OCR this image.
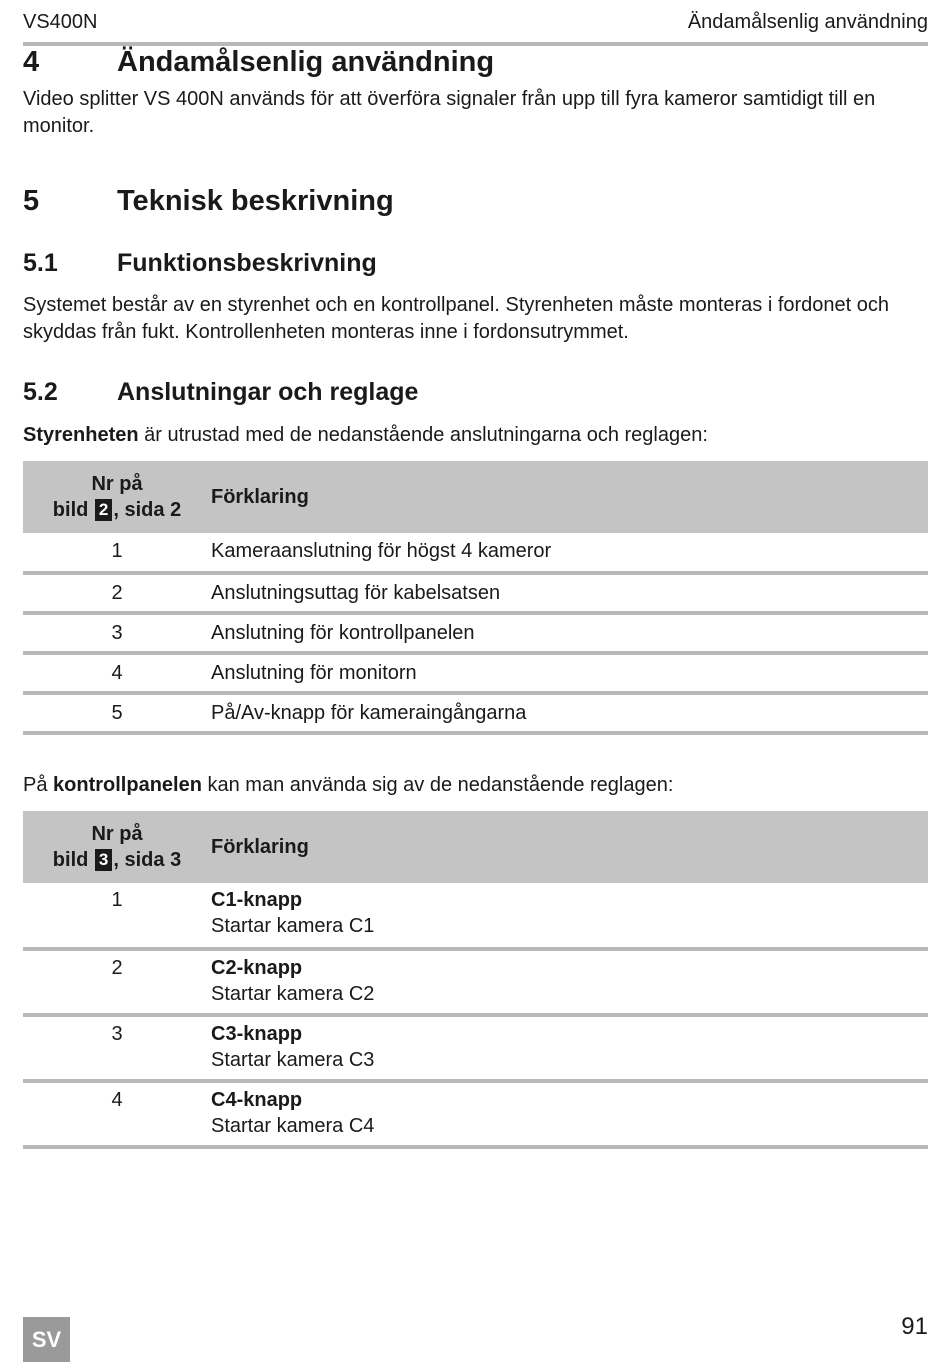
VS400N	Ändamålsenlig användning
4	Ändamålsenlig användning
Video splitter VS 400N används för att överföra signaler från upp till fyra kameror samtidigt till en monitor.
5	Teknisk beskrivning
5.1 Funktionsbeskrivning
Systemet består av en styrenhet och en kontrollpanel. Styrenheten måste monteras i fordonet och skyddas från fukt. Kontrollenheten monteras inne i fordonsutrymmet.
5.2 Anslutningar och reglage
Styrenheten är utrustad med de nedanstående anslutningarna och reglagen:
Nr på
bild 2 , sida 2	Förklaring
1	Kameraanslutning för högst 4 kameror
2	Anslutningsuttag för kabelsatsen
3	Anslutning för kontrollpanelen
4	Anslutning för monitorn
5	På/Av-knapp för kameraingångarna
På kontrollpanelen kan man använda sig av de nedanstående reglagen:
Nr på
bild 3 , sida 3	Förklaring
1	C1-knapp
Startar kamera C1

2	C2-knapp
Startar kamera C2

3	C3-knapp
Startar kamera C3

4	C4-knapp
Startar kamera C4
SV	91
